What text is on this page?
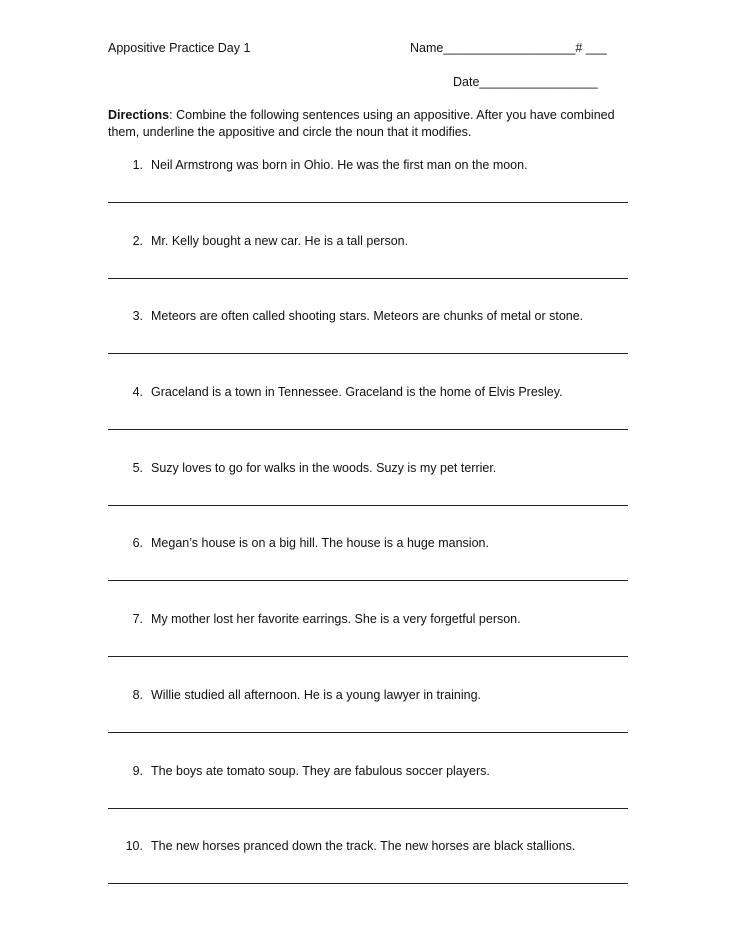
Appositive Practice Day 1	Name___________________# ___
Date_________________
Directions: Combine the following sentences using an appositive. After you have combined them, underline the appositive and circle the noun that it modifies.
1. Neil Armstrong was born in Ohio. He was the first man on the moon.
2. Mr. Kelly bought a new car. He is a tall person.
3. Meteors are often called shooting stars. Meteors are chunks of metal or stone.
4. Graceland is a town in Tennessee. Graceland is the home of Elvis Presley.
5. Suzy loves to go for walks in the woods. Suzy is my pet terrier.
6. Megan’s house is on a big hill. The house is a huge mansion.
7. My mother lost her favorite earrings. She is a very forgetful person.
8. Willie studied all afternoon. He is a young lawyer in training.
9. The boys ate tomato soup. They are fabulous soccer players.
10. The new horses pranced down the track. The new horses are black stallions.
